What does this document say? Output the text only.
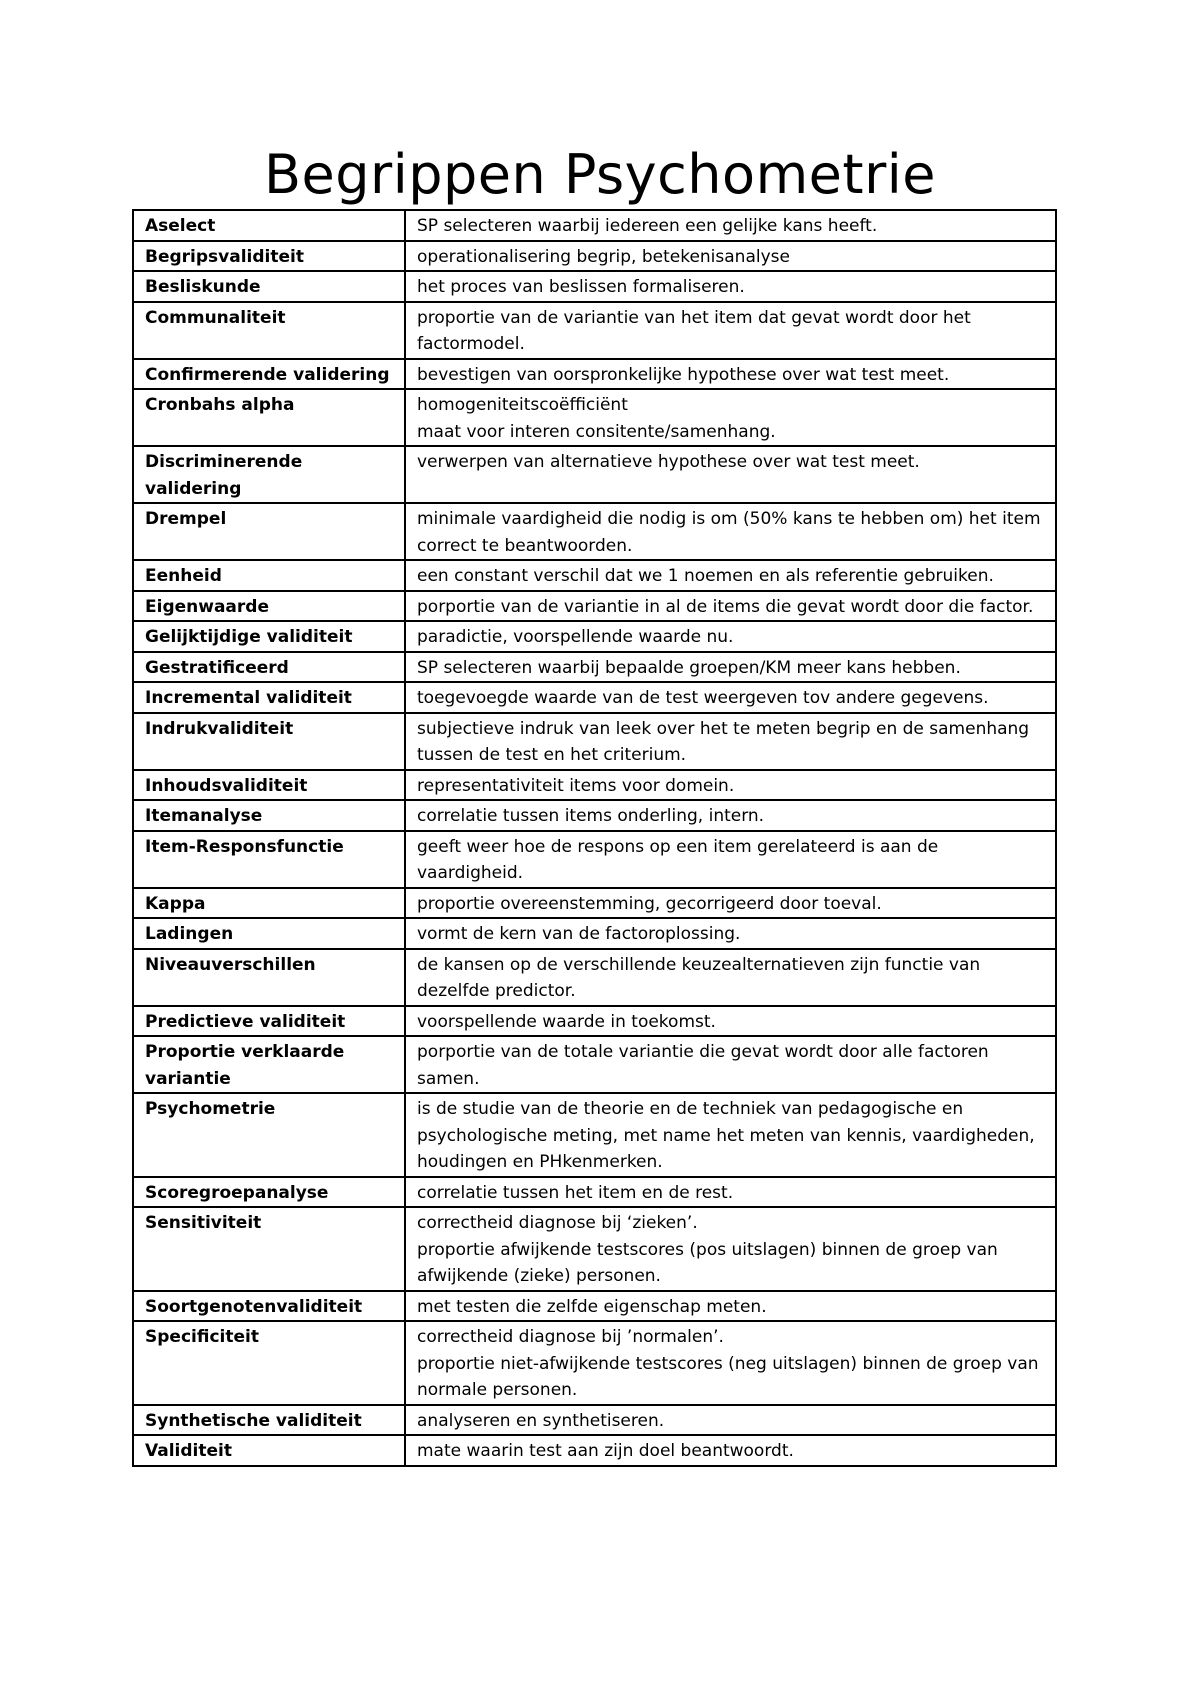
Begrippen Psychometrie
Aselect	SP selecteren waarbij iedereen een gelijke kans heeft.
Begripsvaliditeit	operationalisering begrip, betekenisanalyse
Besliskunde	het proces van beslissen formaliseren.
Communaliteit	proportie van de variantie van het item dat gevat wordt door het factormodel.
Confirmerende validering	bevestigen van oorspronkelijke hypothese over wat test meet.
Cronbahs alpha	homogeniteitscoëfficiënt
maat voor interen consitente/samenhang.
Discriminerende validering	verwerpen van alternatieve hypothese over wat test meet.
Drempel	minimale vaardigheid die nodig is om (50% kans te hebben om) het item correct te beantwoorden.
Eenheid	een constant verschil dat we 1 noemen en als referentie gebruiken.
Eigenwaarde	porportie van de variantie in al de items die gevat wordt door die factor.
Gelijktijdige validiteit	paradictie, voorspellende waarde nu.
Gestratificeerd	SP selecteren waarbij bepaalde groepen/KM meer kans hebben.
Incremental validiteit	toegevoegde waarde van de test weergeven tov andere gegevens.
Indrukvaliditeit	subjectieve indruk van leek over het te meten begrip en de samenhang tussen de test en het criterium.
Inhoudsvaliditeit	representativiteit items voor domein.
Itemanalyse	correlatie tussen items onderling, intern.
Item-Responsfunctie	geeft weer hoe de respons op een item gerelateerd is aan de vaardigheid.
Kappa	proportie overeenstemming, gecorrigeerd door toeval.
Ladingen	vormt de kern van de factoroplossing.
Niveauverschillen	de kansen op de verschillende keuzealternatieven zijn functie van dezelfde predictor.
Predictieve validiteit	voorspellende waarde in toekomst.
Proportie verklaarde variantie	porportie van de totale variantie die gevat wordt door alle factoren samen.
Psychometrie	is de studie van de theorie en de techniek van pedagogische en psychologische meting, met name het meten van kennis, vaardigheden, houdingen en PHkenmerken.
Scoregroepanalyse	correlatie tussen het item en de rest.
Sensitiviteit	correctheid diagnose bij ‘zieken’.
proportie afwijkende testscores (pos uitslagen) binnen de groep van afwijkende (zieke) personen.
Soortgenotenvaliditeit	met testen die zelfde eigenschap meten.
Specificiteit	correctheid diagnose bij ’normalen’.
proportie niet-afwijkende testscores (neg uitslagen) binnen de groep van normale personen.
Synthetische validiteit	analyseren en synthetiseren.
Validiteit	mate waarin test aan zijn doel beantwoordt.
